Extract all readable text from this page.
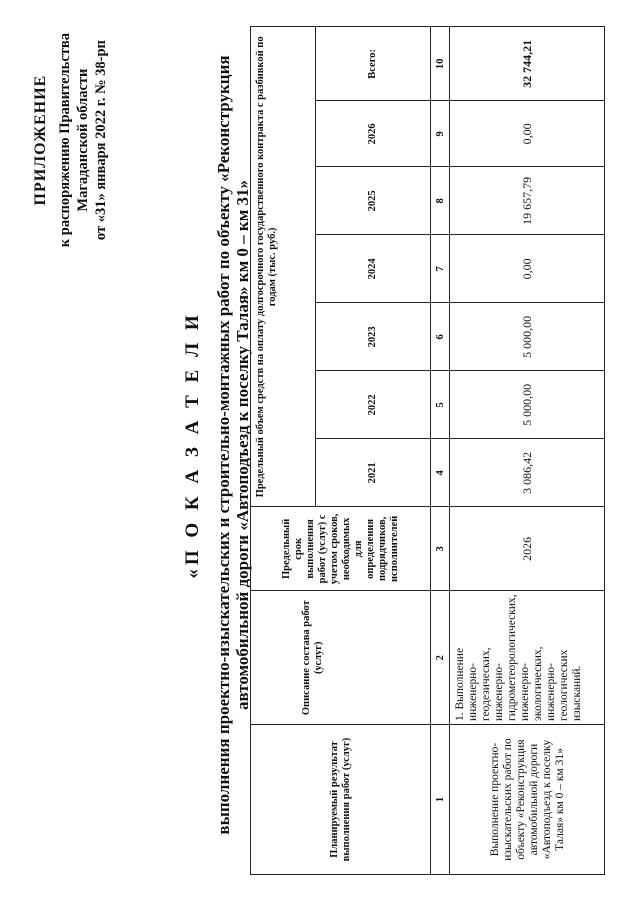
ПРИЛОЖЕНИЕ к распоряжению Правительства Магаданской области от «31» января 2022 г. № 38-рп
«П О К А З А Т Е Л И выполнения проектно-изыскательских и строительно-монтажных работ по объекту «Реконструкция автомобильной дороги «Автоподъезд к поселку Талая» км 0 – км 31»
Планируемый результат выполнения работ (услуг)	Описание состава работ (услуг)	Предельный срок выполнения работ (услуг) с учетом сроков, необходимых для определения подрядчиков, исполнителей	Предельный объем средств на оплату долгосрочного государственного контракта с разбивкой по годам (тыс. руб.)						
			2021	2022	2023	2024	2025	2026	Всего:
1	2	3	4	5	6	7	8	9	10
Выполнение проектно-изыскательских работ по объекту «Реконструкция автомобильной дороги «Автоподъезд к поселку Талая» км 0 – км 31»	1. Выполнение инженерно-геодезических, инженерно-гидрометеорологических, инженерно-экологических, инженерно-геологических изысканий.	2026	3 086,42	5 000,00	5 000,00	0,00	19 657,79	0,00	32 744,21
